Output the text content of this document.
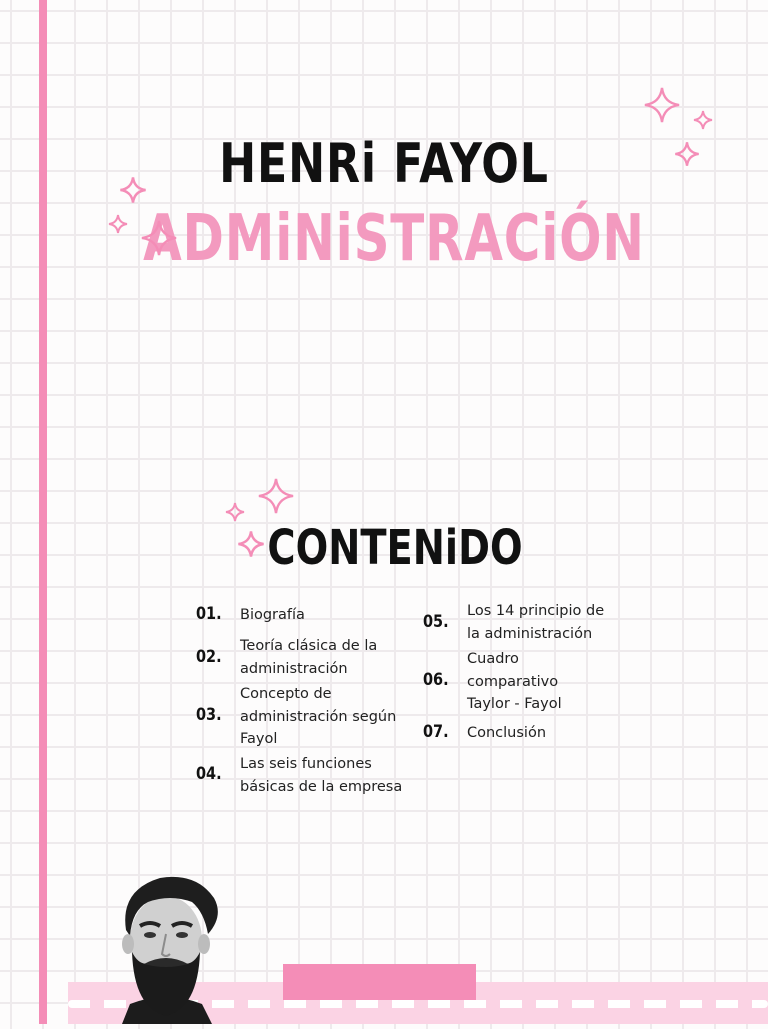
HENRi FAYOL
ADMiNiSTRACiÓN
CONTENiDO
01. Biografía
02.
Teoría clásica de la
administración
03.
Concepto de
administración según
Fayol
04. Las seis funciones
básicas de la empresa
05.
Los 14 principio de
la administración
06.
Cuadro
comparativo
Taylor - Fayol
07. Conclusión
